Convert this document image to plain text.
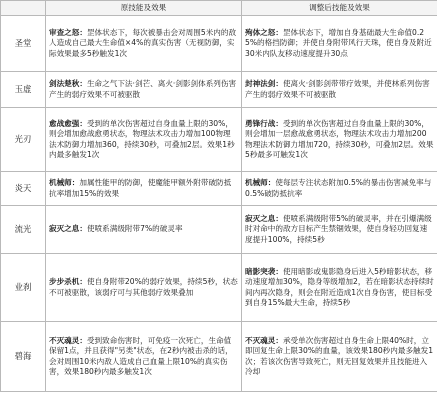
	原技能及效果	调整后技能及效果
圣堂	审查之怒：罡体状态下，每次被暴击会对周围5米内的敌人造成自己最大生命值×4%的真实伤害（无视防御，实际效果最多5秒触发1次	殉体之怒：罡体状态下，增加自身基础最大生命值0.25%的格挡防御；并使自身附带风行天珠，使自身及附近30米内队友移动速度提升30点
玉虚	剑法楚秋：生命之气下法·剑芒、离火·剑影剑体系列伤害产生的弱疗效果不可被驱散	封神法剑：使离火·剑影剑带带疗效果，并使林系列伤害产生的弱疗效果不可被驱散
光刃	愈战愈强：受到的单次伤害超过自身血量上限的30%，则会增加愈战愈勇状态，物理法术攻击力增加100物理法术防御力增加360，持续30秒，可叠加2层。效果1秒内最多触发1次	勇锋行战：受到的单次伤害超过自身血量上限的30%，则会增加一层愈战愈勇状态，物理法术攻击力增加200物理法术防御力增加720，持续30秒，可叠加2层。效果5秒最多可触发1次
炎天	机械师：加属性能甲的防御，使魔能甲额外附带破防抵抗率增加15%的效果	机械师：使每层专注状态附加0.5%的暴击伤害减免率与0.5%破防抵抗率
流光	寂灭之息：使喷系满级附带7%的破灵率	寂灭之息：使喷系满级附带5%的破灵率，并在引爆满级时对命中的敌方目标产生禁锢效果，使自身轻功回复速度提升100%，持续5秒
业刹	步步杀机：使自身附带20%的弱疗效果，持续5秒，状态不可被驱散，该弱疗可与其他弱疗效果叠加	暗影突袭：使用暗影或鬼影隐身后进入5秒暗影状态，移动速度增加30%，隐身等级增加2，若在暗影状态持续时间内再次隐身，则会在附近造成1次自身伤害，使目标受到自身15%最大生命，持续5秒
碧海	不灭魂灵：受到致命伤害时，可免疫一次死亡，生命值保留1点，并且获得"另类"状态，在2秒内被击杀的话，会对周围10米内敌人造成自己血量上限10%的真实伤害，效果180秒内最多触发1次	不灭魂灵：承受单次伤害超过自身生命上限40%时，立即回复生命上限30%的血量，该效果180秒内最多触发1次；若该次伤害导致死亡，则无回复效果并且技能进入冷却
